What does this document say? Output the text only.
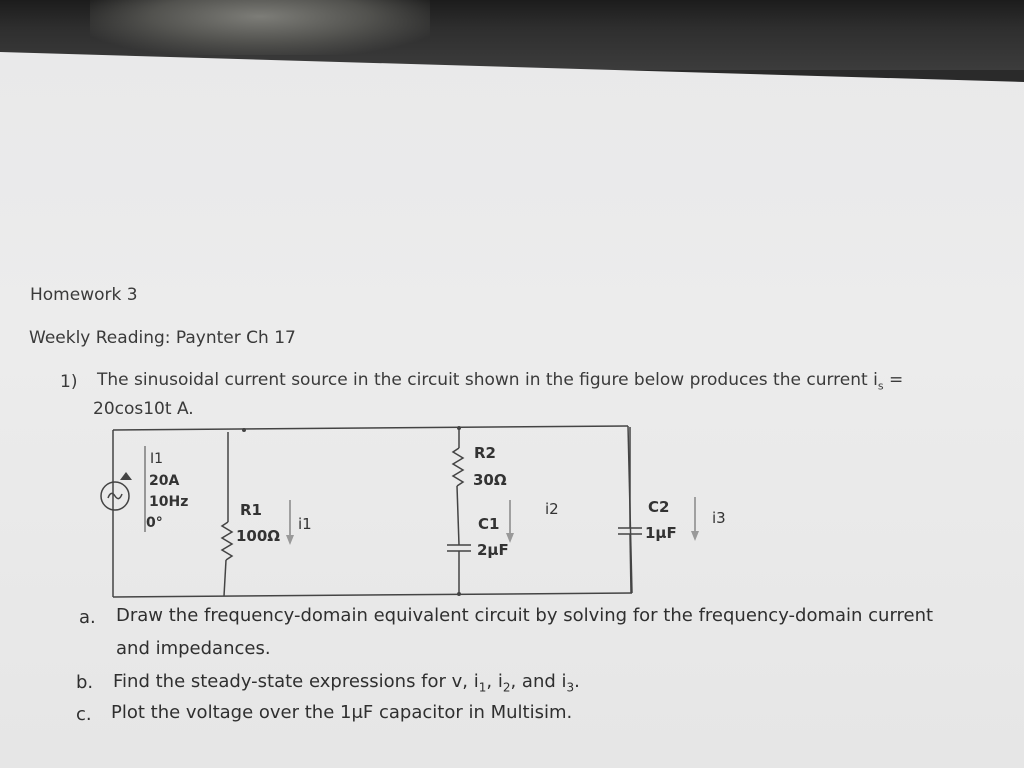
Homework 3
Weekly Reading: Paynter Ch 17
1) The sinusoidal current source in the circuit shown in the figure below produces the current $i_s$ =
20cos10t A.
I1
20A
10Hz
0°
R1
100Ω
i1
R2
30Ω
C1
2μF
i2	C2
1μF
i3
a. Draw the frequency-domain equivalent circuit by solving for the frequency-domain current
and impedances.
b. Find the steady-state expressions for v, $i_1$, $i_2$, and $i_3$.
c. Plot the voltage over the 1μF capacitor in Multisim.
